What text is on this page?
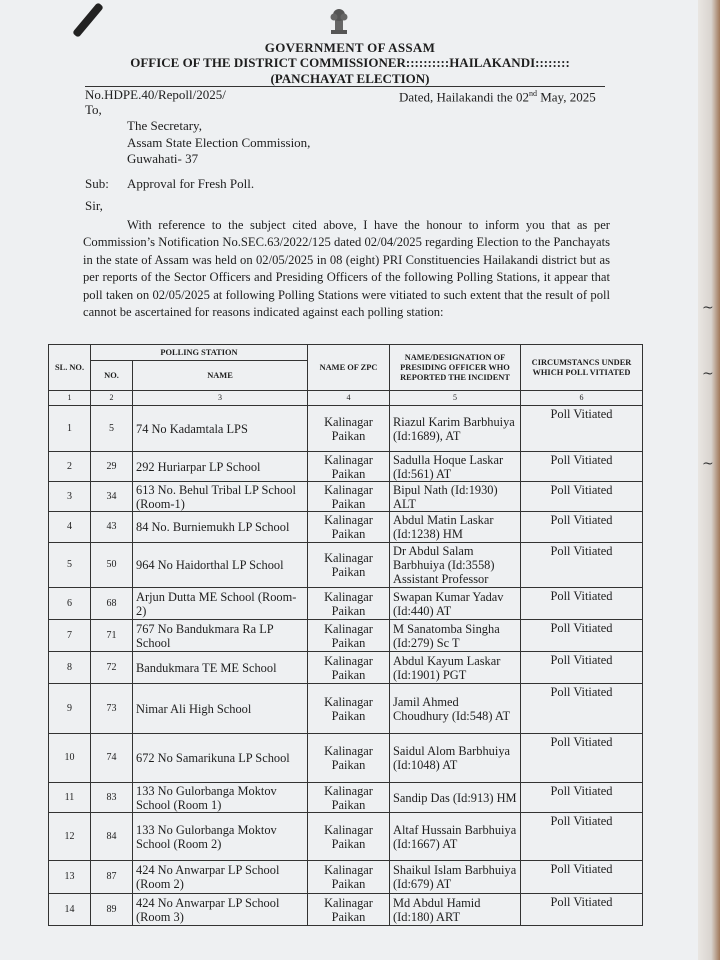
GOVERNMENT OF ASSAM
OFFICE OF THE DISTRICT COMMISSIONER::::::::::HAILAKANDI::::::::
(PANCHAYAT ELECTION)
No.HDPE.40/Repoll/2025/	Dated, Hailakandi the 02nd May, 2025
To,
The Secretary,
Assam State Election Commission,
Guwahati- 37
Sub: Approval for Fresh Poll.
Sir,

With reference to the subject cited above, I have the honour to inform you that as per Commission’s Notification No.SEC.63/2022/125 dated 02/04/2025 regarding Election to the Panchayats in the state of Assam was held on 02/05/2025 in 08 (eight) PRI Constituencies Hailakandi district but as per reports of the Sector Officers and Presiding Officers of the following Polling Stations, it appear that poll taken on 02/05/2025 at following Polling Stations were vitiated to such extent that the result of poll cannot be ascertained for reasons indicated against each polling station:

SL. NO.	POLLING STATION		NAME OF ZPC	NAME/DESIGNATION OF PRESIDING OFFICER WHO REPORTED THE INCIDENT	CIRCUMSTANCS UNDER WHICH POLL VITIATED
	NO.	NAME			
1	2	3	4	5	6
1	5	74 No Kadamtala LPS	Kalinagar Paikan	Riazul Karim Barbhuiya (Id:1689), AT	Poll Vitiated
2	29	292 Huriarpar LP School	Kalinagar Paikan	Sadulla Hoque Laskar (Id:561) AT	Poll Vitiated
3	34	613 No. Behul Tribal LP School (Room-1)	Kalinagar Paikan	Bipul Nath (Id:1930) ALT	Poll Vitiated
4	43	84 No. Burniemukh LP School	Kalinagar Paikan	Abdul Matin Laskar (Id:1238) HM	Poll Vitiated
5	50	964 No Haidorthal LP School	Kalinagar Paikan	Dr Abdul Salam Barbhuiya (Id:3558) Assistant Professor	Poll Vitiated
6	68	Arjun Dutta ME School (Room-2)	Kalinagar Paikan	Swapan Kumar Yadav (Id:440) AT	Poll Vitiated
7	71	767 No Bandukmara Ra LP School	Kalinagar Paikan	M Sanatomba Singha (Id:279) Sc T	Poll Vitiated
8	72	Bandukmara TE ME School	Kalinagar Paikan	Abdul Kayum Laskar (Id:1901) PGT	Poll Vitiated
9	73	Nimar Ali High School	Kalinagar Paikan	Jamil Ahmed Choudhury (Id:548) AT	Poll Vitiated
10	74	672 No Samarikuna LP School	Kalinagar Paikan	Saidul Alom Barbhuiya (Id:1048) AT	Poll Vitiated
11	83	133 No Gulorbanga Moktov School (Room 1)	Kalinagar Paikan	Sandip Das (Id:913) HM	Poll Vitiated
12	84	133 No Gulorbanga Moktov School (Room 2)	Kalinagar Paikan	Altaf Hussain Barbhuiya (Id:1667) AT	Poll Vitiated
13	87	424 No Anwarpar LP School (Room 2)	Kalinagar Paikan	Shaikul Islam Barbhuiya (Id:679) AT	Poll Vitiated
14	89	424 No Anwarpar LP School (Room 3)	Kalinagar Paikan	Md Abdul Hamid (Id:180) ART	Poll Vitiated
~
~
~
